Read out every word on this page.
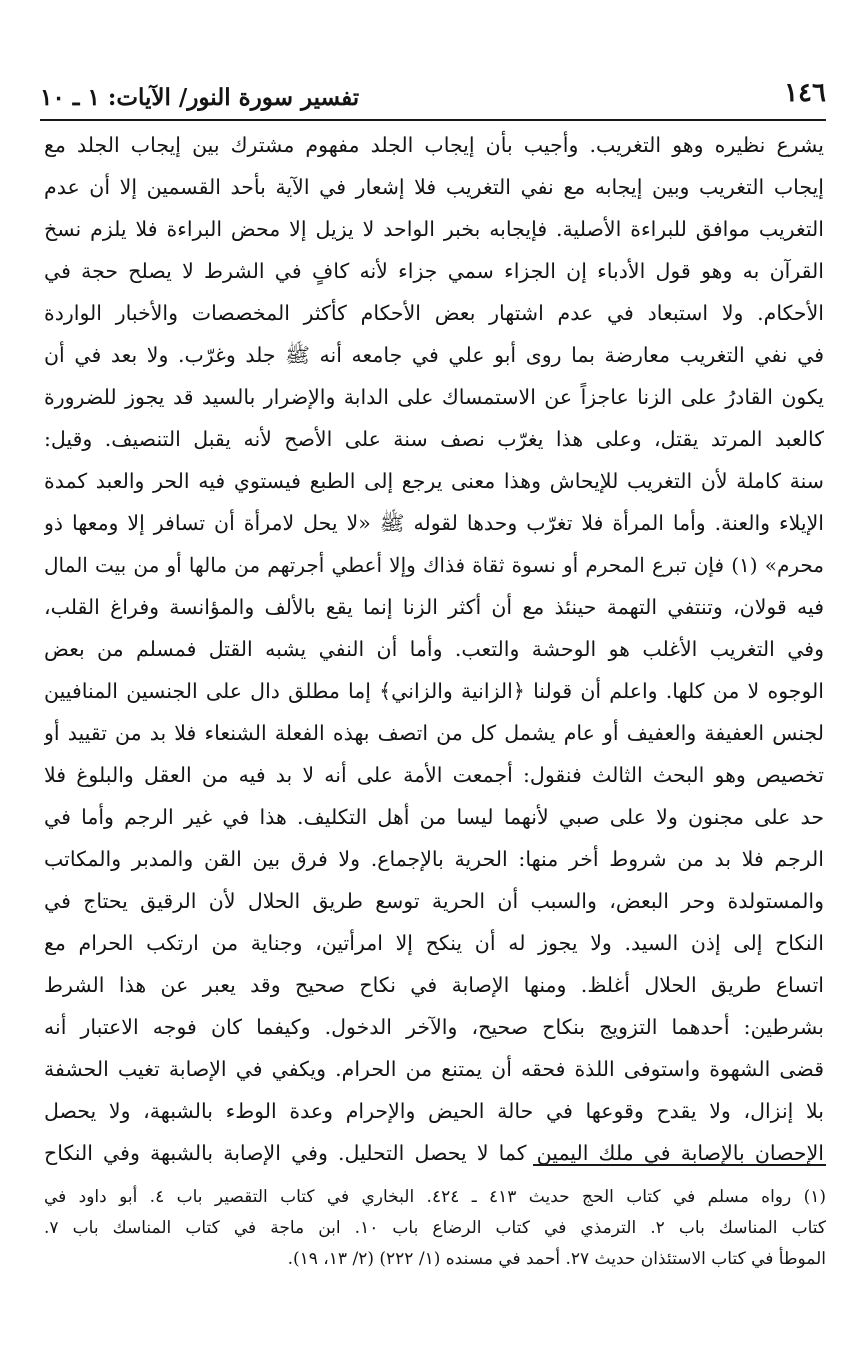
١٤٦
تفسير سورة النور/ الآيات: ١ ـ ١٠
يشرع نظيره وهو التغريب. وأجيب بأن إيجاب الجلد مفهوم مشترك بين إيجاب الجلد مع
إيجاب التغريب وبين إيجابه مع نفي التغريب فلا إشعار في الآية بأحد القسمين إلا أن عدم
التغريب موافق للبراءة الأصلية. فإيجابه بخبر الواحد لا يزيل إلا محض البراءة فلا يلزم نسخ
القرآن به وهو قول الأدباء إن الجزاء سمي جزاء لأنه كافٍ في الشرط لا يصلح حجة في
الأحكام. ولا استبعاد في عدم اشتهار بعض الأحكام كأكثر المخصصات والأخبار الواردة
في نفي التغريب معارضة بما روى أبو علي في جامعه أنه ﷺ جلد وغرّب. ولا بعد في أن
يكون القادرُ على الزنا عاجزاً عن الاستمساك على الدابة والإضرار بالسيد قد يجوز للضرورة
كالعبد المرتد يقتل، وعلى هذا يغرّب نصف سنة على الأصح لأنه يقبل التنصيف. وقيل:
سنة كاملة لأن التغريب للإيحاش وهذا معنى يرجع إلى الطبع فيستوي فيه الحر والعبد كمدة
الإيلاء والعنة. وأما المرأة فلا تغرّب وحدها لقوله ﷺ «لا يحل لامرأة أن تسافر إلا ومعها ذو
محرم» (١) فإن تبرع المحرم أو نسوة ثقاة فذاك وإلا أعطي أجرتهم من مالها أو من بيت المال
فيه قولان، وتنتفي التهمة حينئذ مع أن أكثر الزنا إنما يقع بالألف والمؤانسة وفراغ القلب،
وفي التغريب الأغلب هو الوحشة والتعب. وأما أن النفي يشبه القتل فمسلم من بعض
الوجوه لا من كلها. واعلم أن قولنا ﴿الزانية والزاني﴾ إما مطلق دال على الجنسين المنافيين
لجنس العفيفة والعفيف أو عام يشمل كل من اتصف بهذه الفعلة الشنعاء فلا بد من تقييد أو
تخصيص وهو البحث الثالث فنقول: أجمعت الأمة على أنه لا بد فيه من العقل والبلوغ فلا
حد على مجنون ولا على صبي لأنهما ليسا من أهل التكليف. هذا في غير الرجم وأما في
الرجم فلا بد من شروط أخر منها: الحرية بالإجماع. ولا فرق بين القن والمدبر والمكاتب
والمستولدة وحر البعض، والسبب أن الحرية توسع طريق الحلال لأن الرقيق يحتاج في
النكاح إلى إذن السيد. ولا يجوز له أن ينكح إلا امرأتين، وجناية من ارتكب الحرام مع
اتساع طريق الحلال أغلظ. ومنها الإصابة في نكاح صحيح وقد يعبر عن هذا الشرط
بشرطين: أحدهما التزويج بنكاح صحيح، والآخر الدخول. وكيفما كان فوجه الاعتبار أنه
قضى الشهوة واستوفى اللذة فحقه أن يمتنع من الحرام. ويكفي في الإصابة تغيب الحشفة
بلا إنزال، ولا يقدح وقوعها في حالة الحيض والإحرام وعدة الوطء بالشبهة، ولا يحصل
الإحصان بالإصابة في ملك اليمين كما لا يحصل التحليل. وفي الإصابة بالشبهة وفي النكاح
(١) رواه مسلم في كتاب الحج حديث ٤١٣ ـ ٤٢٤. البخاري في كتاب التقصير باب ٤. أبو داود في
كتاب المناسك باب ٢. الترمذي في كتاب الرضاع باب ١٠. ابن ماجة في كتاب المناسك باب ٧.
الموطأ في كتاب الاستئذان حديث ٢٧. أحمد في مسنده (١/ ٢٢٢) (٢/ ١٣، ١٩).
